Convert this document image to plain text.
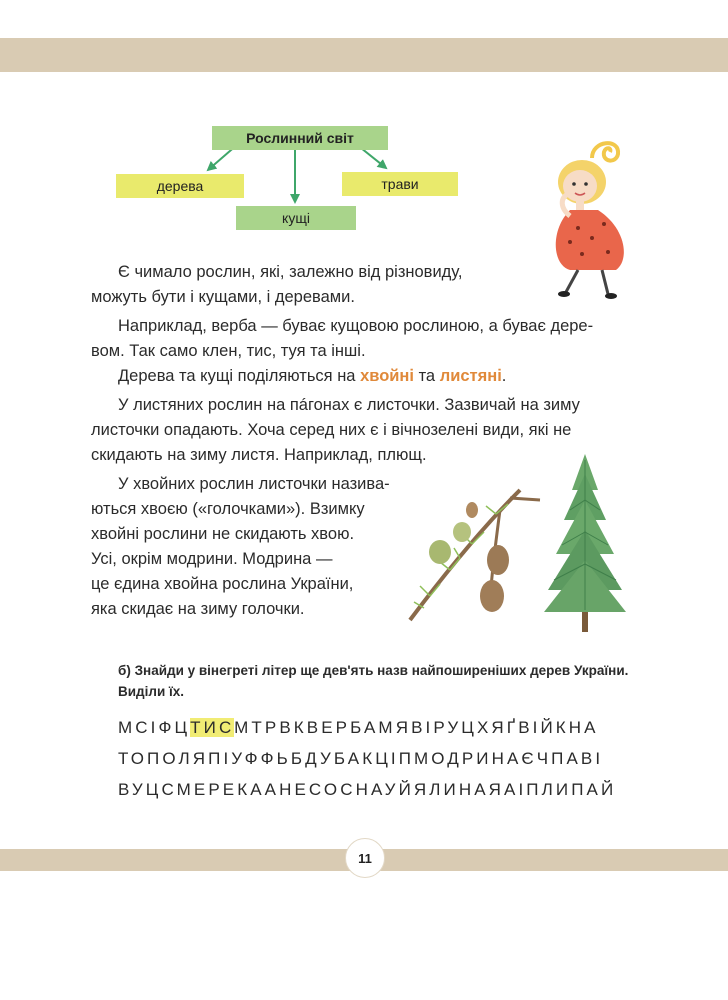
Рослинний світ
дерева
кущі
трави
Є чимало рослин, які, залежно від різновиду,
можуть бути і кущами, і деревами.
Наприклад, верба — буває кущовою рослиною, а буває дере-
вом. Так само клен, тис, туя та інші.
Дерева та кущі поділяються на хвойні та листяні.
У листяних рослин на пáгонах є листочки. Зазвичай на зиму
листочки опадають. Хоча серед них є і вічнозелені види, які не
скидають на зиму листя. Наприклад, плющ.
У хвойних рослин листочки назива-
ються хвоєю («голочками»). Взимку
хвойні рослини не скидають хвою.
Усі, окрім модрини. Модрина —
це єдина хвойна рослина України,
яка скидає на зиму голочки.
б) Знайди у вінегреті літер ще дев'ять назв найпоширеніших дерев України. Виділи їх.
МСІФЦТИСМТРВКВЕРБАМЯВІРУЦХЯҐВІЙКНА
ТОПОЛЯПІУФФЬБДУБАКЦІПМОДРИНАЄЧПАВІ
ВУЦСМЕРЕКААНЕСОСНАУЙЯЛИНАЯАІПЛИПАЙ
11
